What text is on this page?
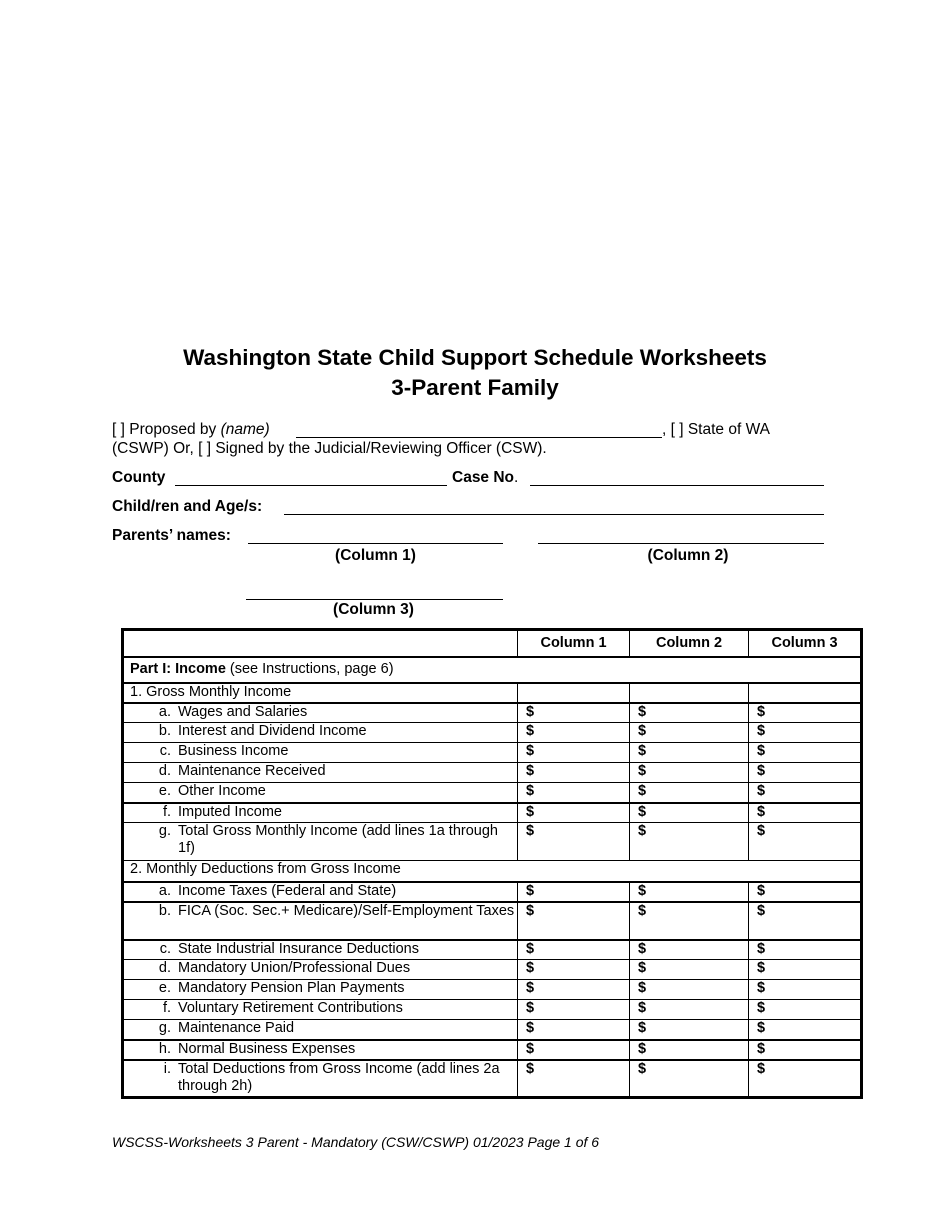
Washington State Child Support Schedule Worksheets
3-Parent Family
[ ] Proposed by (name)	, [ ] State of WA
(CSWP) Or, [ ] Signed by the Judicial/Reviewing Officer (CSW).
County	Case No.
Child/ren and Age/s:
Parents’ names:
(Column 1)	(Column 2)
(Column 3)
	Column 1	Column 2	Column 3
Part I: Income (see Instructions, page 6)			
1. Gross Monthly Income			

a. Wages and Salaries	$	$	$

b. Interest and Dividend Income	$	$	$

c. Business Income	$	$	$

d. Maintenance Received	$	$	$

e. Other Income	$	$	$

f. Imputed Income	$	$	$

g. Total Gross Monthly Income (add lines 1a through 1f)	$	$	$
2. Monthly Deductions from Gross Income			

a. Income Taxes (Federal and State)	$	$	$

b. FICA (Soc. Sec.+ Medicare)/Self-Employment Taxes	$	$	$

c. State Industrial Insurance Deductions	$	$	$

d. Mandatory Union/Professional Dues	$	$	$

e. Mandatory Pension Plan Payments	$	$	$

f. Voluntary Retirement Contributions	$	$	$

g. Maintenance Paid	$	$	$

h. Normal Business Expenses	$	$	$

i. Total Deductions from Gross Income (add lines 2a through 2h)	$	$	$
WSCSS-Worksheets 3 Parent - Mandatory (CSW/CSWP) 01/2023 Page 1 of 6
